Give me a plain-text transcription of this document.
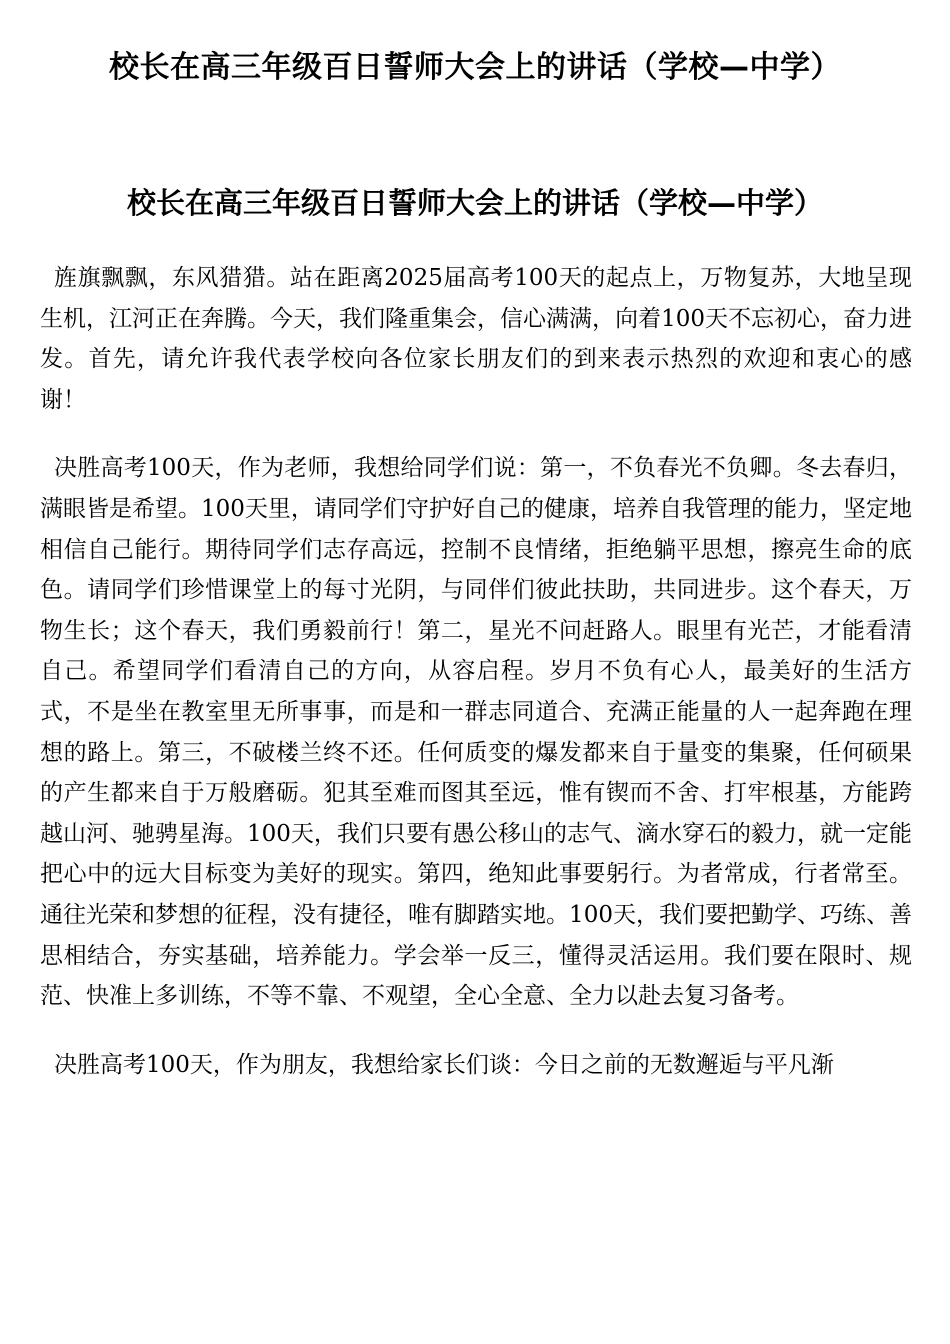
校长在高三年级百日誓师大会上的讲话（学校—中学）
校长在高三年级百日誓师大会上的讲话（学校—中学）

旌旗飘飘，东风猎猎。站在距离2025届高考100天的起点上，万物复苏，大地呈现生机，江河正在奔腾。今天，我们隆重集会，信心满满，向着100天不忘初心，奋力进发。首先，请允许我代表学校向各位家长朋友们的到来表示热烈的欢迎和衷心的感谢！

决胜高考100天，作为老师，我想给同学们说：第一，不负春光不负卿。冬去春归，满眼皆是希望。100天里，请同学们守护好自己的健康，培养自我管理的能力，坚定地相信自己能行。期待同学们志存高远，控制不良情绪，拒绝躺平思想，擦亮生命的底色。请同学们珍惜课堂上的每寸光阴，与同伴们彼此扶助，共同进步。这个春天，万物生长；这个春天，我们勇毅前行！第二，星光不问赶路人。眼里有光芒，才能看清自己。希望同学们看清自己的方向，从容启程。岁月不负有心人，最美好的生活方式，不是坐在教室里无所事事，而是和一群志同道合、充满正能量的人一起奔跑在理想的路上。第三，不破楼兰终不还。任何质变的爆发都来自于量变的集聚，任何硕果的产生都来自于万般磨砺。犯其至难而图其至远，惟有锲而不舍、打牢根基，方能跨越山河、驰骋星海。100天，我们只要有愚公移山的志气、滴水穿石的毅力，就一定能把心中的远大目标变为美好的现实。第四，绝知此事要躬行。为者常成，行者常至。通往光荣和梦想的征程，没有捷径，唯有脚踏实地。100天，我们要把勤学、巧练、善思相结合，夯实基础，培养能力。学会举一反三，懂得灵活运用。我们要在限时、规范、快准上多训练，不等不靠、不观望，全心全意、全力以赴去复习备考。

决胜高考100天，作为朋友，我想给家长们谈：今日之前的无数邂逅与平凡渐
